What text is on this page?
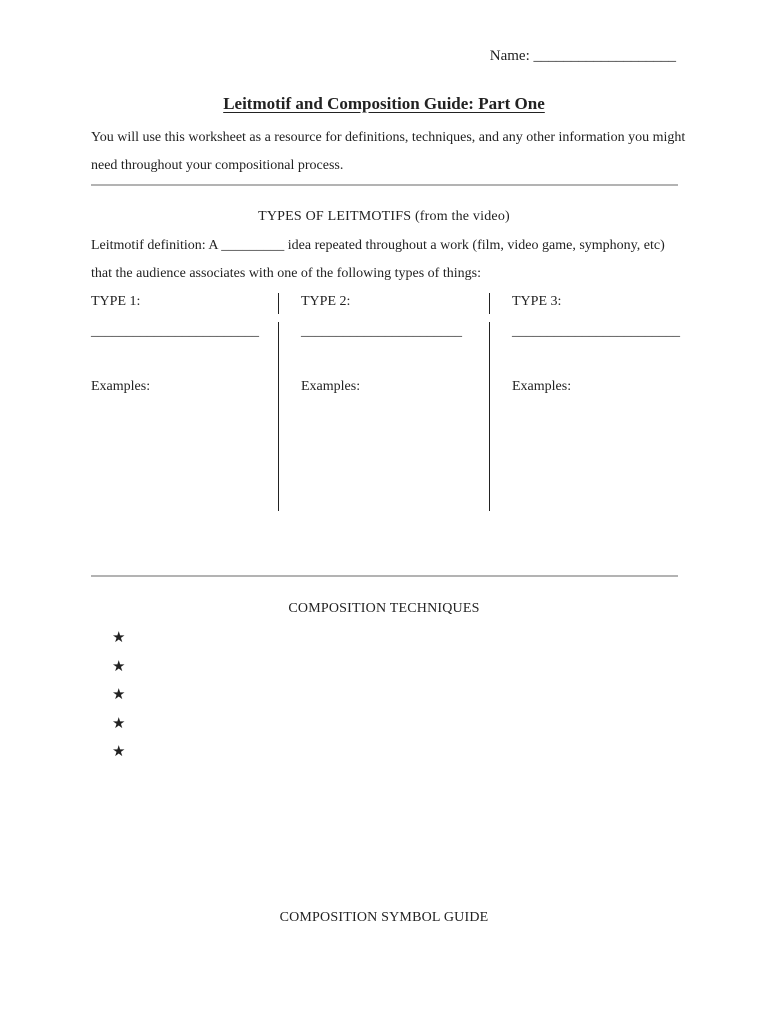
Name: ___________________
Leitmotif and Composition Guide: Part One
You will use this worksheet as a resource for definitions, techniques, and any other information you might need throughout your compositional process.
TYPES OF LEITMOTIFS (from the video)
Leitmotif definition: A _________ idea repeated throughout a work (film, video game, symphony, etc) that the audience associates with one of the following types of things:
TYPE 1:
________________________
Examples:
TYPE 2:
_______________________
Examples:
TYPE 3:
________________________
Examples:
COMPOSITION TECHNIQUES
★
★
★
★
★
COMPOSITION SYMBOL GUIDE
